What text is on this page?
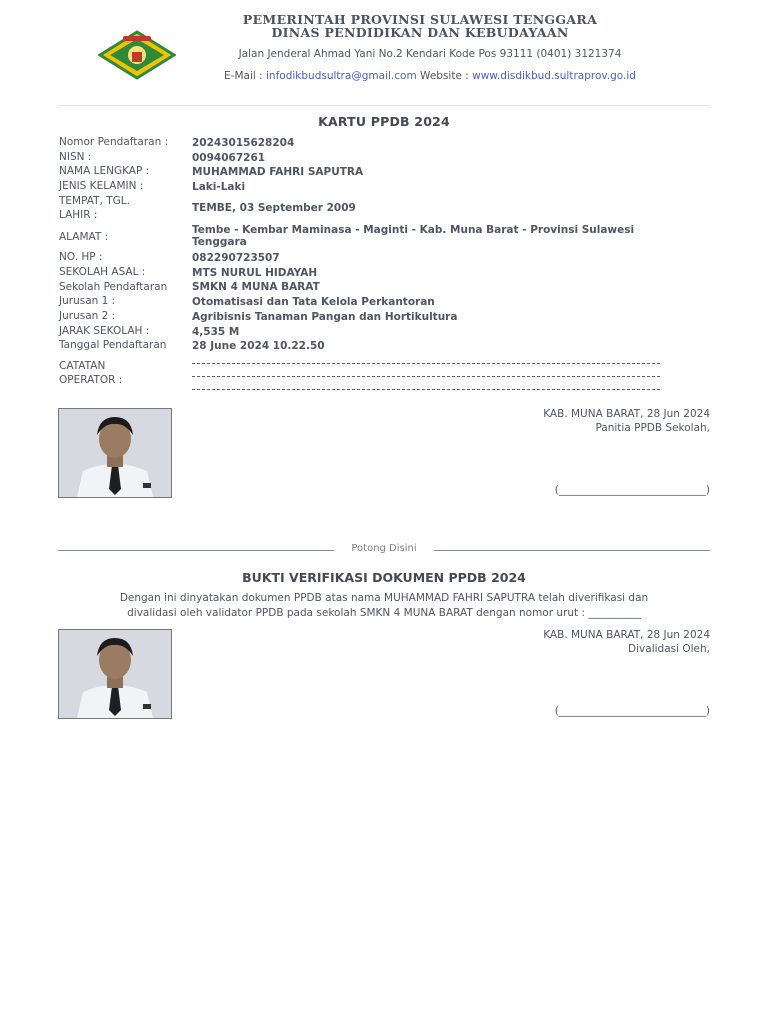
PEMERINTAH PROVINSI SULAWESI TENGGARA
DINAS PENDIDIKAN DAN KEBUDAYAAN
Jalan Jenderal Ahmad Yani No.2 Kendari Kode Pos 93111 (0401) 3121374
E-Mail : infodikbudsultra@gmail.com Website : www.disdikbud.sultraprov.go.id
KARTU PPDB 2024
Nomor Pendaftaran : 20243015628204
NISN :	0094067261
NAMA LENGKAP :	MUHAMMAD FAHRI SAPUTRA
JENIS KELAMIN :	Laki-Laki
TEMPAT, TGL.
LAHIR :
TEMBE, 03 September 2009
ALAMAT :
Tembe - Kembar Maminasa - Maginti - Kab. Muna Barat - Provinsi Sulawesi
Tenggara
NO. HP :	082290723507
SEKOLAH ASAL :	MTS NURUL HIDAYAH
Sekolah Pendaftaran SMKN 4 MUNA BARAT
Jurusan 1 :	Otomatisasi dan Tata Kelola Perkantoran
Jurusan 2 :	Agribisnis Tanaman Pangan dan Hortikultura
JARAK SEKOLAH :	4,535 M
Tanggal Pendaftaran 28 June 2024 10.22.50
CATATAN
OPERATOR :
KAB. MUNA BARAT, 28 Jun 2024
Panitia PPDB Sekolah,
(____________________________)
Potong Disini
BUKTI VERIFIKASI DOKUMEN PPDB 2024
Dengan ini dinyatakan dokumen PPDB atas nama MUHAMMAD FAHRI SAPUTRA telah diverifikasi dan
divalidasi oleh validator PPDB pada sekolah SMKN 4 MUNA BARAT dengan nomor urut : __________
KAB. MUNA BARAT, 28 Jun 2024
Divalidasi Oleh,
(____________________________)
